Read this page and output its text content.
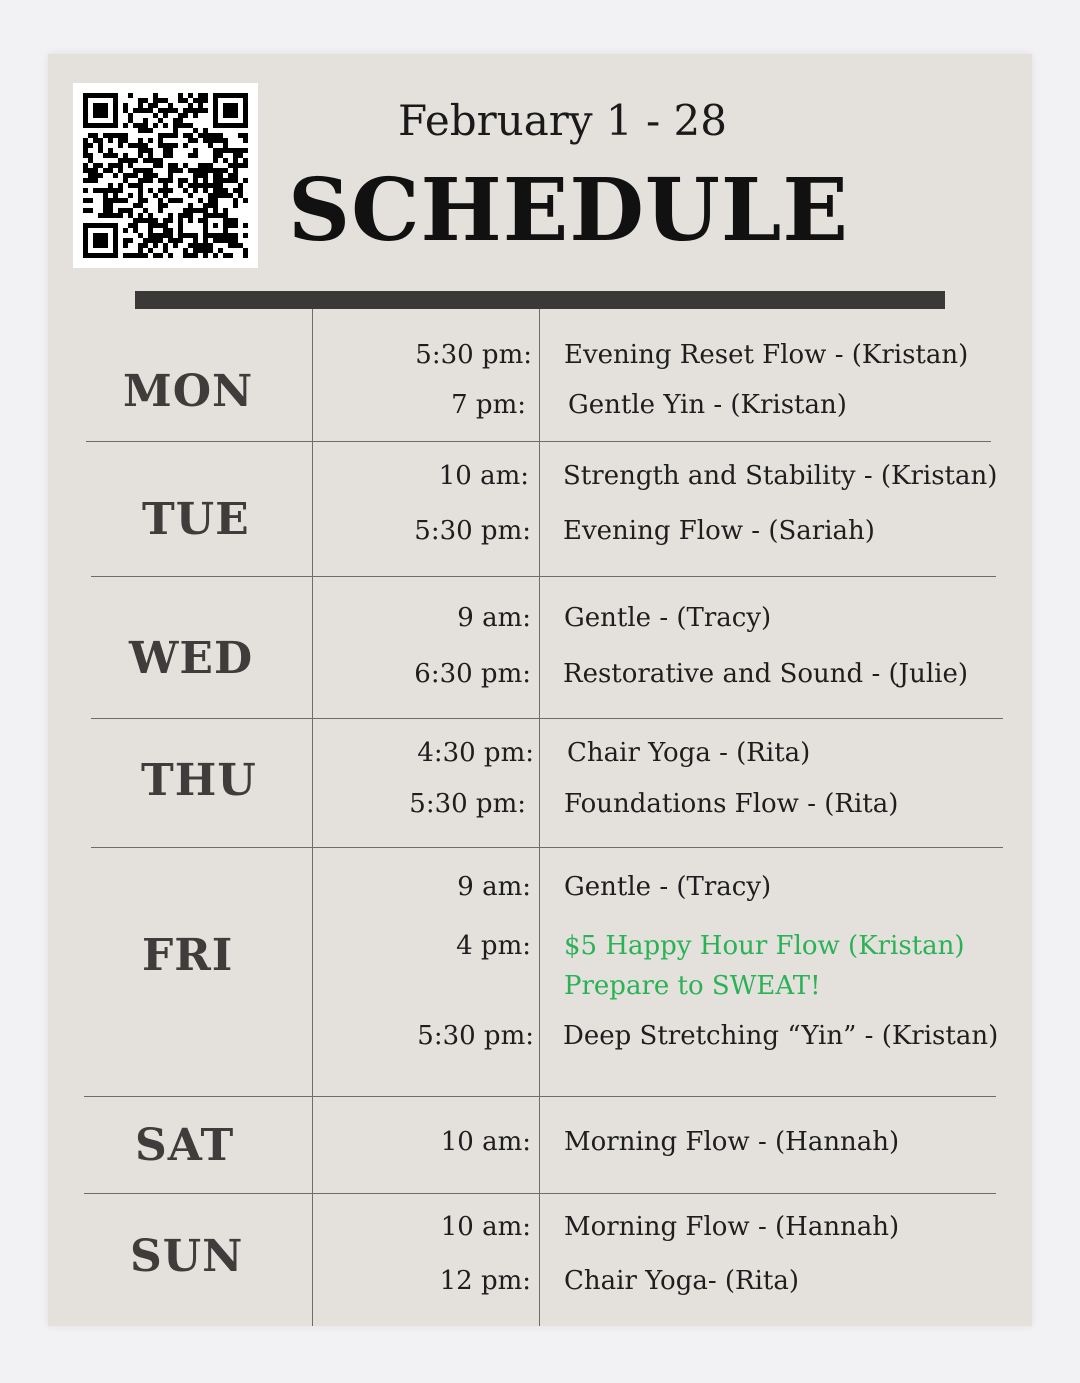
February 1 - 28
SCHEDULE
MON
5:30 pm: Evening Reset Flow - (Kristan)
7 pm: Gentle Yin - (Kristan)
TUE
10 am: Strength and Stability - (Kristan)
5:30 pm: Evening Flow - (Sariah)
WED
9 am: Gentle - (Tracy)
6:30 pm: Restorative and Sound - (Julie)
THU
4:30 pm: Chair Yoga - (Rita)
5:30 pm: Foundations Flow - (Rita)
FRI
9 am: Gentle - (Tracy)
4 pm: $5 Happy Hour Flow (Kristan)
Prepare to SWEAT!
5:30 pm: Deep Stretching “Yin” - (Kristan)
SAT	10 am: Morning Flow - (Hannah)
SUN
10 am: Morning Flow - (Hannah)
12 pm: Chair Yoga- (Rita)
